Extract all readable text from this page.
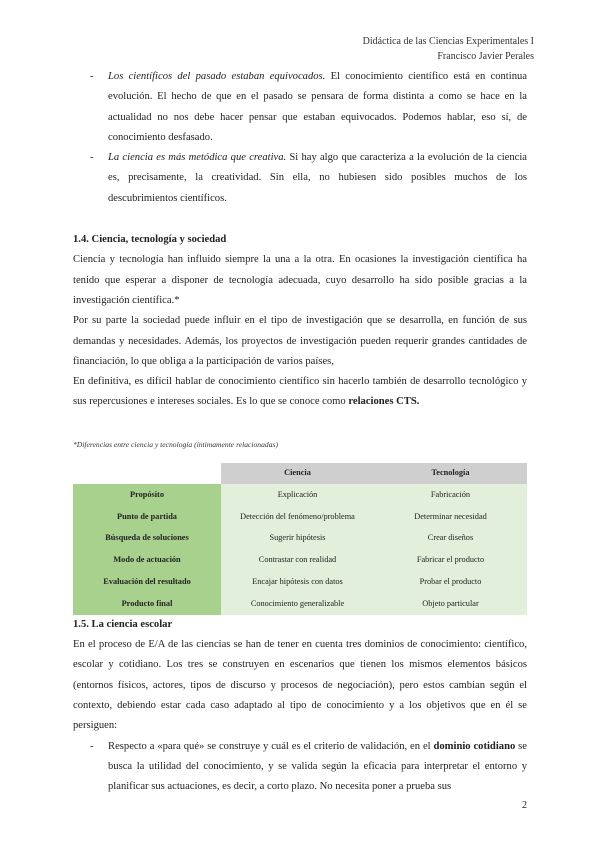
Didáctica de las Ciencias Experimentales I
Francisco Javier Perales

- Los científicos del pasado estaban equivocados. El conocimiento científico está en continua evolución. El hecho de que en el pasado se pensara de forma distinta a como se hace en la actualidad no nos debe hacer pensar que estaban equivocados. Podemos hablar, eso sí, de conocimiento desfasado.

- La ciencia es más metódica que creativa. Si hay algo que caracteriza a la evolución de la ciencia es, precisamente, la creatividad. Sin ella, no hubiesen sido posibles muchos de los descubrimientos científicos.

1.4. Ciencia, tecnología y sociedad

Ciencia y tecnología han influido siempre la una a la otra. En ocasiones la investigación científica ha tenido que esperar a disponer de tecnología adecuada, cuyo desarrollo ha sido posible gracias a la investigación científica.*

Por su parte la sociedad puede influir en el tipo de investigación que se desarrolla, en función de sus demandas y necesidades. Además, los proyectos de investigación pueden requerir grandes cantidades de financiación, lo que obliga a la participación de varios países,

En definitiva, es difícil hablar de conocimiento científico sin hacerlo también de desarrollo tecnológico y sus repercusiones e intereses sociales. Es lo que se conoce como relaciones CTS.

*Diferencias entre ciencia y tecnología (íntimamente relacionadas)
	Ciencia	Tecnología
Propósito	Explicación	Fabricación
Punto de partida	Detección del fenómeno/problema	Determinar necesidad
Búsqueda de soluciones	Sugerir hipótesis	Crear diseños
Modo de actuación	Contrastar con realidad	Fabricar el producto
Evaluación del resultado	Encajar hipótesis con datos	Probar el producto
Producto final	Conocimiento generalizable	Objeto particular

1.5. La ciencia escolar

En el proceso de E/A de las ciencias se han de tener en cuenta tres dominios de conocimiento: científico, escolar y cotidiano. Los tres se construyen en escenarios que tienen los mismos elementos básicos (entornos físicos, actores, tipos de discurso y procesos de negociación), pero estos cambian según el contexto, debiendo estar cada caso adaptado al tipo de conocimiento y a los objetivos que en él se persiguen:

- Respecto a «para qué» se construye y cuál es el criterio de validación, en el dominio cotidiano se busca la utilidad del conocimiento, y se valida según la eficacia para interpretar el entorno y planificar sus actuaciones, es decir, a corto plazo. No necesita poner a prueba sus

2
